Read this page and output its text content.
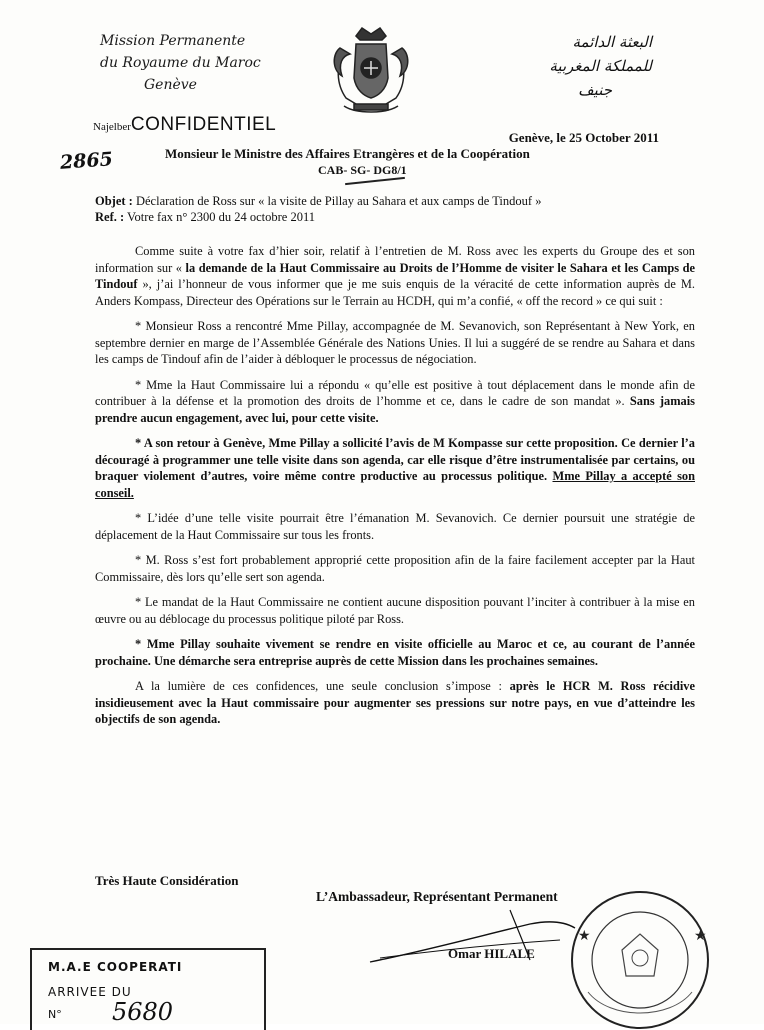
Mission Permanente
du Royaume du Maroc
Genève
البعثة الدائمة
للمملكة المغربية
جنيف
NajelberCONFIDENTIEL
Genève, le 25 October 2011
2865	Monsieur le Ministre des Affaires Etrangères et de la Coopération
CAB- SG- DG8/1
Objet : Déclaration de Ross sur « la visite de Pillay au Sahara et aux camps de Tindouf »
Ref. : Votre fax n° 2300 du 24 octobre 2011

Comme suite à votre fax d’hier soir, relatif à l’entretien de M. Ross avec les experts du Groupe des et son information sur « la demande de la Haut Commissaire au Droits de l’Homme de visiter le Sahara et les Camps de Tindouf », j’ai l’honneur de vous informer que je me suis enquis de la véracité de cette information auprès de M. Anders Kompass, Directeur des Opérations sur le Terrain au HCDH, qui m’a confié, « off the record » ce qui suit :

* Monsieur Ross a rencontré Mme Pillay, accompagnée de M. Sevanovich, son Représentant à New York, en septembre dernier en marge de l’Assemblée Générale des Nations Unies. Il lui a suggéré de se rendre au Sahara et dans les camps de Tindouf afin de l’aider à débloquer le processus de négociation.

* Mme la Haut Commissaire lui a répondu « qu’elle est positive à tout déplacement dans le monde afin de contribuer à la défense et la promotion des droits de l’homme et ce, dans le cadre de son mandat ». Sans jamais prendre aucun engagement, avec lui, pour cette visite.

* A son retour à Genève, Mme Pillay a sollicité l’avis de M Kompasse sur cette proposition. Ce dernier l’a découragé à programmer une telle visite dans son agenda, car elle risque d’être instrumentalisée par certains, ou braquer violement d’autres, voire même contre productive au processus politique. Mme Pillay a accepté son conseil.

* L’idée d’une telle visite pourrait être l’émanation M. Sevanovich. Ce dernier poursuit une stratégie de déplacement de la Haut Commissaire sur tous les fronts.

* M. Ross s’est fort probablement approprié cette proposition afin de la faire facilement accepter par la Haut Commissaire, dès lors qu’elle sert son agenda.

* Le mandat de la Haut Commissaire ne contient aucune disposition pouvant l’inciter à contribuer à la mise en œuvre ou au déblocage du processus politique piloté par Ross.

* Mme Pillay souhaite vivement se rendre en visite officielle au Maroc et ce, au courant de l’année prochaine. Une démarche sera entreprise auprès de cette Mission dans les prochaines semaines.

A la lumière de ces confidences, une seule conclusion s’impose : après le HCR M. Ross récidive insidieusement avec la Haut commissaire pour augmenter ses pressions sur notre pays, en vue d’atteindre les objectifs de son agenda.

Très Haute Considération
L’Ambassadeur, Représentant Permanent
Omar HILALE
★	★
M.A.E COOPERATI
ARRIVEE DU
N° 5680
